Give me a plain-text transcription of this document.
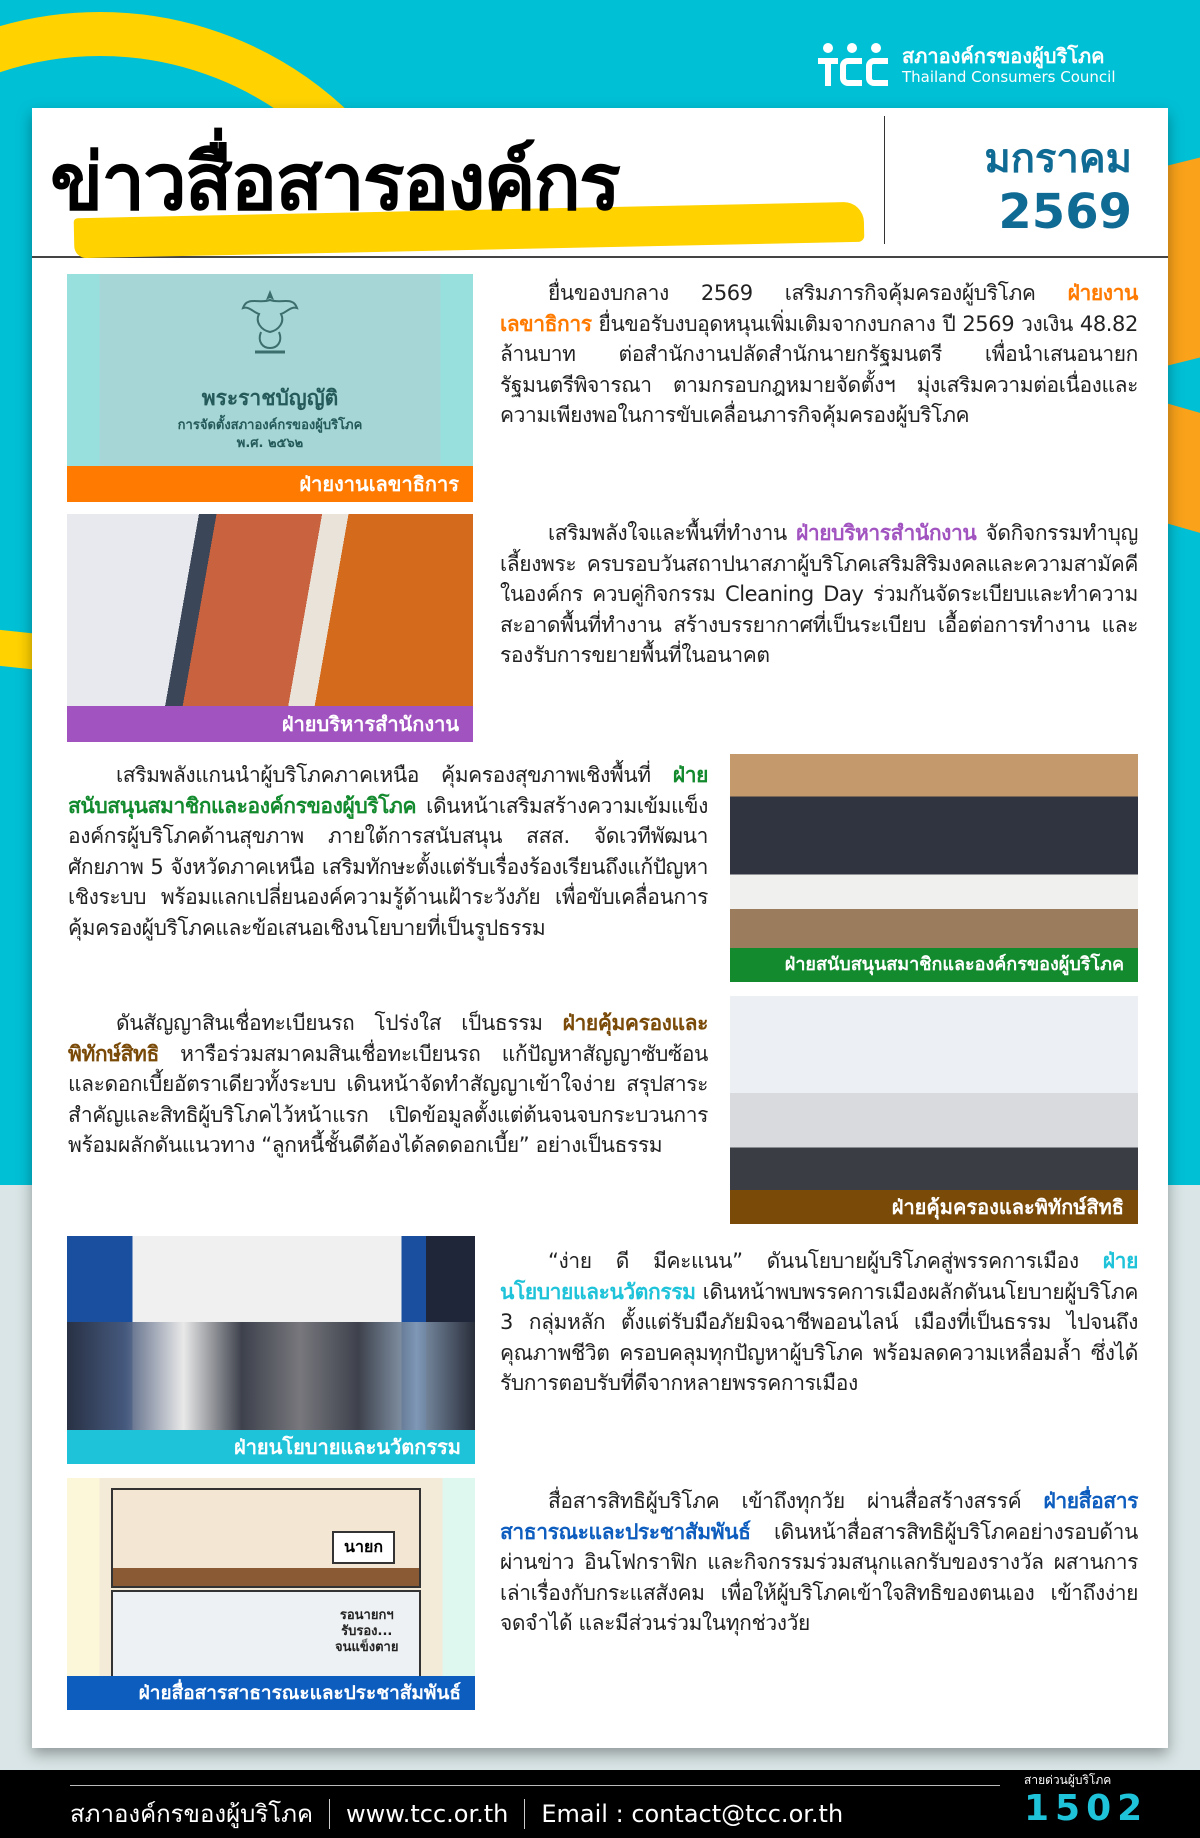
สภาองค์กรของผู้บริโภค
Thailand Consumers Council
ข่าวสื่อสารองค์กร	มกราคม
2569
พระราชบัญญัติ
การจัดตั้งสภาองค์กรของผู้บริโภค
พ.ศ. ๒๕๖๒
ฝ่ายงานเลขาธิการ
ยื่นของบกลาง 2569 เสริมภารกิจคุ้มครองผู้บริโภค ฝ่ายงานเลขาธิการ ยื่นขอรับงบอุดหนุนเพิ่มเติมจากงบกลาง ปี 2569 วงเงิน 48.82 ล้านบาท ต่อสำนักงานปลัดสำนักนายกรัฐมนตรี เพื่อนำเสนอนายกรัฐมนตรีพิจารณา ตามกรอบกฎหมายจัดตั้งฯ มุ่งเสริมความต่อเนื่องและความเพียงพอในการขับเคลื่อนภารกิจคุ้มครองผู้บริโภค
ฝ่ายบริหารสำนักงาน
เสริมพลังใจและพื้นที่ทำงาน ฝ่ายบริหารสำนักงาน จัดกิจกรรมทำบุญเลี้ยงพระ ครบรอบวันสถาปนาสภาผู้บริโภคเสริมสิริมงคลและความสามัคคีในองค์กร ควบคู่กิจกรรม Cleaning Day ร่วมกันจัดระเบียบและทำความสะอาดพื้นที่ทำงาน สร้างบรรยากาศที่เป็นระเบียบ เอื้อต่อการทำงาน และรองรับการขยายพื้นที่ในอนาคต
เสริมพลังแกนนำผู้บริโภคภาคเหนือ คุ้มครองสุขภาพเชิงพื้นที่ ฝ่ายสนับสนุนสมาชิกและองค์กรของผู้บริโภค เดินหน้าเสริมสร้างความเข้มแข็งองค์กรผู้บริโภคด้านสุขภาพ ภายใต้การสนับสนุน สสส. จัดเวทีพัฒนาศักยภาพ 5 จังหวัดภาคเหนือ เสริมทักษะตั้งแต่รับเรื่องร้องเรียนถึงแก้ปัญหาเชิงระบบ พร้อมแลกเปลี่ยนองค์ความรู้ด้านเฝ้าระวังภัย เพื่อขับเคลื่อนการคุ้มครองผู้บริโภคและข้อเสนอเชิงนโยบายที่เป็นรูปธรรม
ฝ่ายสนับสนุนสมาชิกและองค์กรของผู้บริโภค
ดันสัญญาสินเชื่อทะเบียนรถ โปร่งใส เป็นธรรม ฝ่ายคุ้มครองและพิทักษ์สิทธิ หารือร่วมสมาคมสินเชื่อทะเบียนรถ แก้ปัญหาสัญญาซับซ้อนและดอกเบี้ยอัตราเดียวทั้งระบบ เดินหน้าจัดทำสัญญาเข้าใจง่าย สรุปสาระสำคัญและสิทธิผู้บริโภคไว้หน้าแรก เปิดข้อมูลตั้งแต่ต้นจนจบกระบวนการ พร้อมผลักดันแนวทาง “ลูกหนี้ชั้นดีต้องได้ลดดอกเบี้ย” อย่างเป็นธรรม
ฝ่ายคุ้มครองและพิทักษ์สิทธิ
ฝ่ายนโยบายและนวัตกรรม
“ง่าย ดี มีคะแนน” ดันนโยบายผู้บริโภคสู่พรรคการเมือง ฝ่ายนโยบายและนวัตกรรม เดินหน้าพบพรรคการเมืองผลักดันนโยบายผู้บริโภค 3 กลุ่มหลัก ตั้งแต่รับมือภัยมิจฉาชีพออนไลน์ เมืองที่เป็นธรรม ไปจนถึงคุณภาพชีวิต ครอบคลุมทุกปัญหาผู้บริโภค พร้อมลดความเหลื่อมล้ำ ซึ่งได้รับการตอบรับที่ดีจากหลายพรรคการเมือง
นายก
รอนายกฯ
รับรอง...
จนแข็งตาย
ฝ่ายสื่อสารสาธารณะและประชาสัมพันธ์
สื่อสารสิทธิผู้บริโภค เข้าถึงทุกวัย ผ่านสื่อสร้างสรรค์ ฝ่ายสื่อสารสาธารณะและประชาสัมพันธ์ เดินหน้าสื่อสารสิทธิผู้บริโภคอย่างรอบด้าน ผ่านข่าว อินโฟกราฟิก และกิจกรรมร่วมสนุกแลกรับของรางวัล ผสานการเล่าเรื่องกับกระแสสังคม เพื่อให้ผู้บริโภคเข้าใจสิทธิของตนเอง เข้าถึงง่าย จดจำได้ และมีส่วนร่วมในทุกช่วงวัย
สภาองค์กรของผู้บริโภค www.tcc.or.th Email : contact@tcc.or.th
สายด่วนผู้บริโภค
1502
